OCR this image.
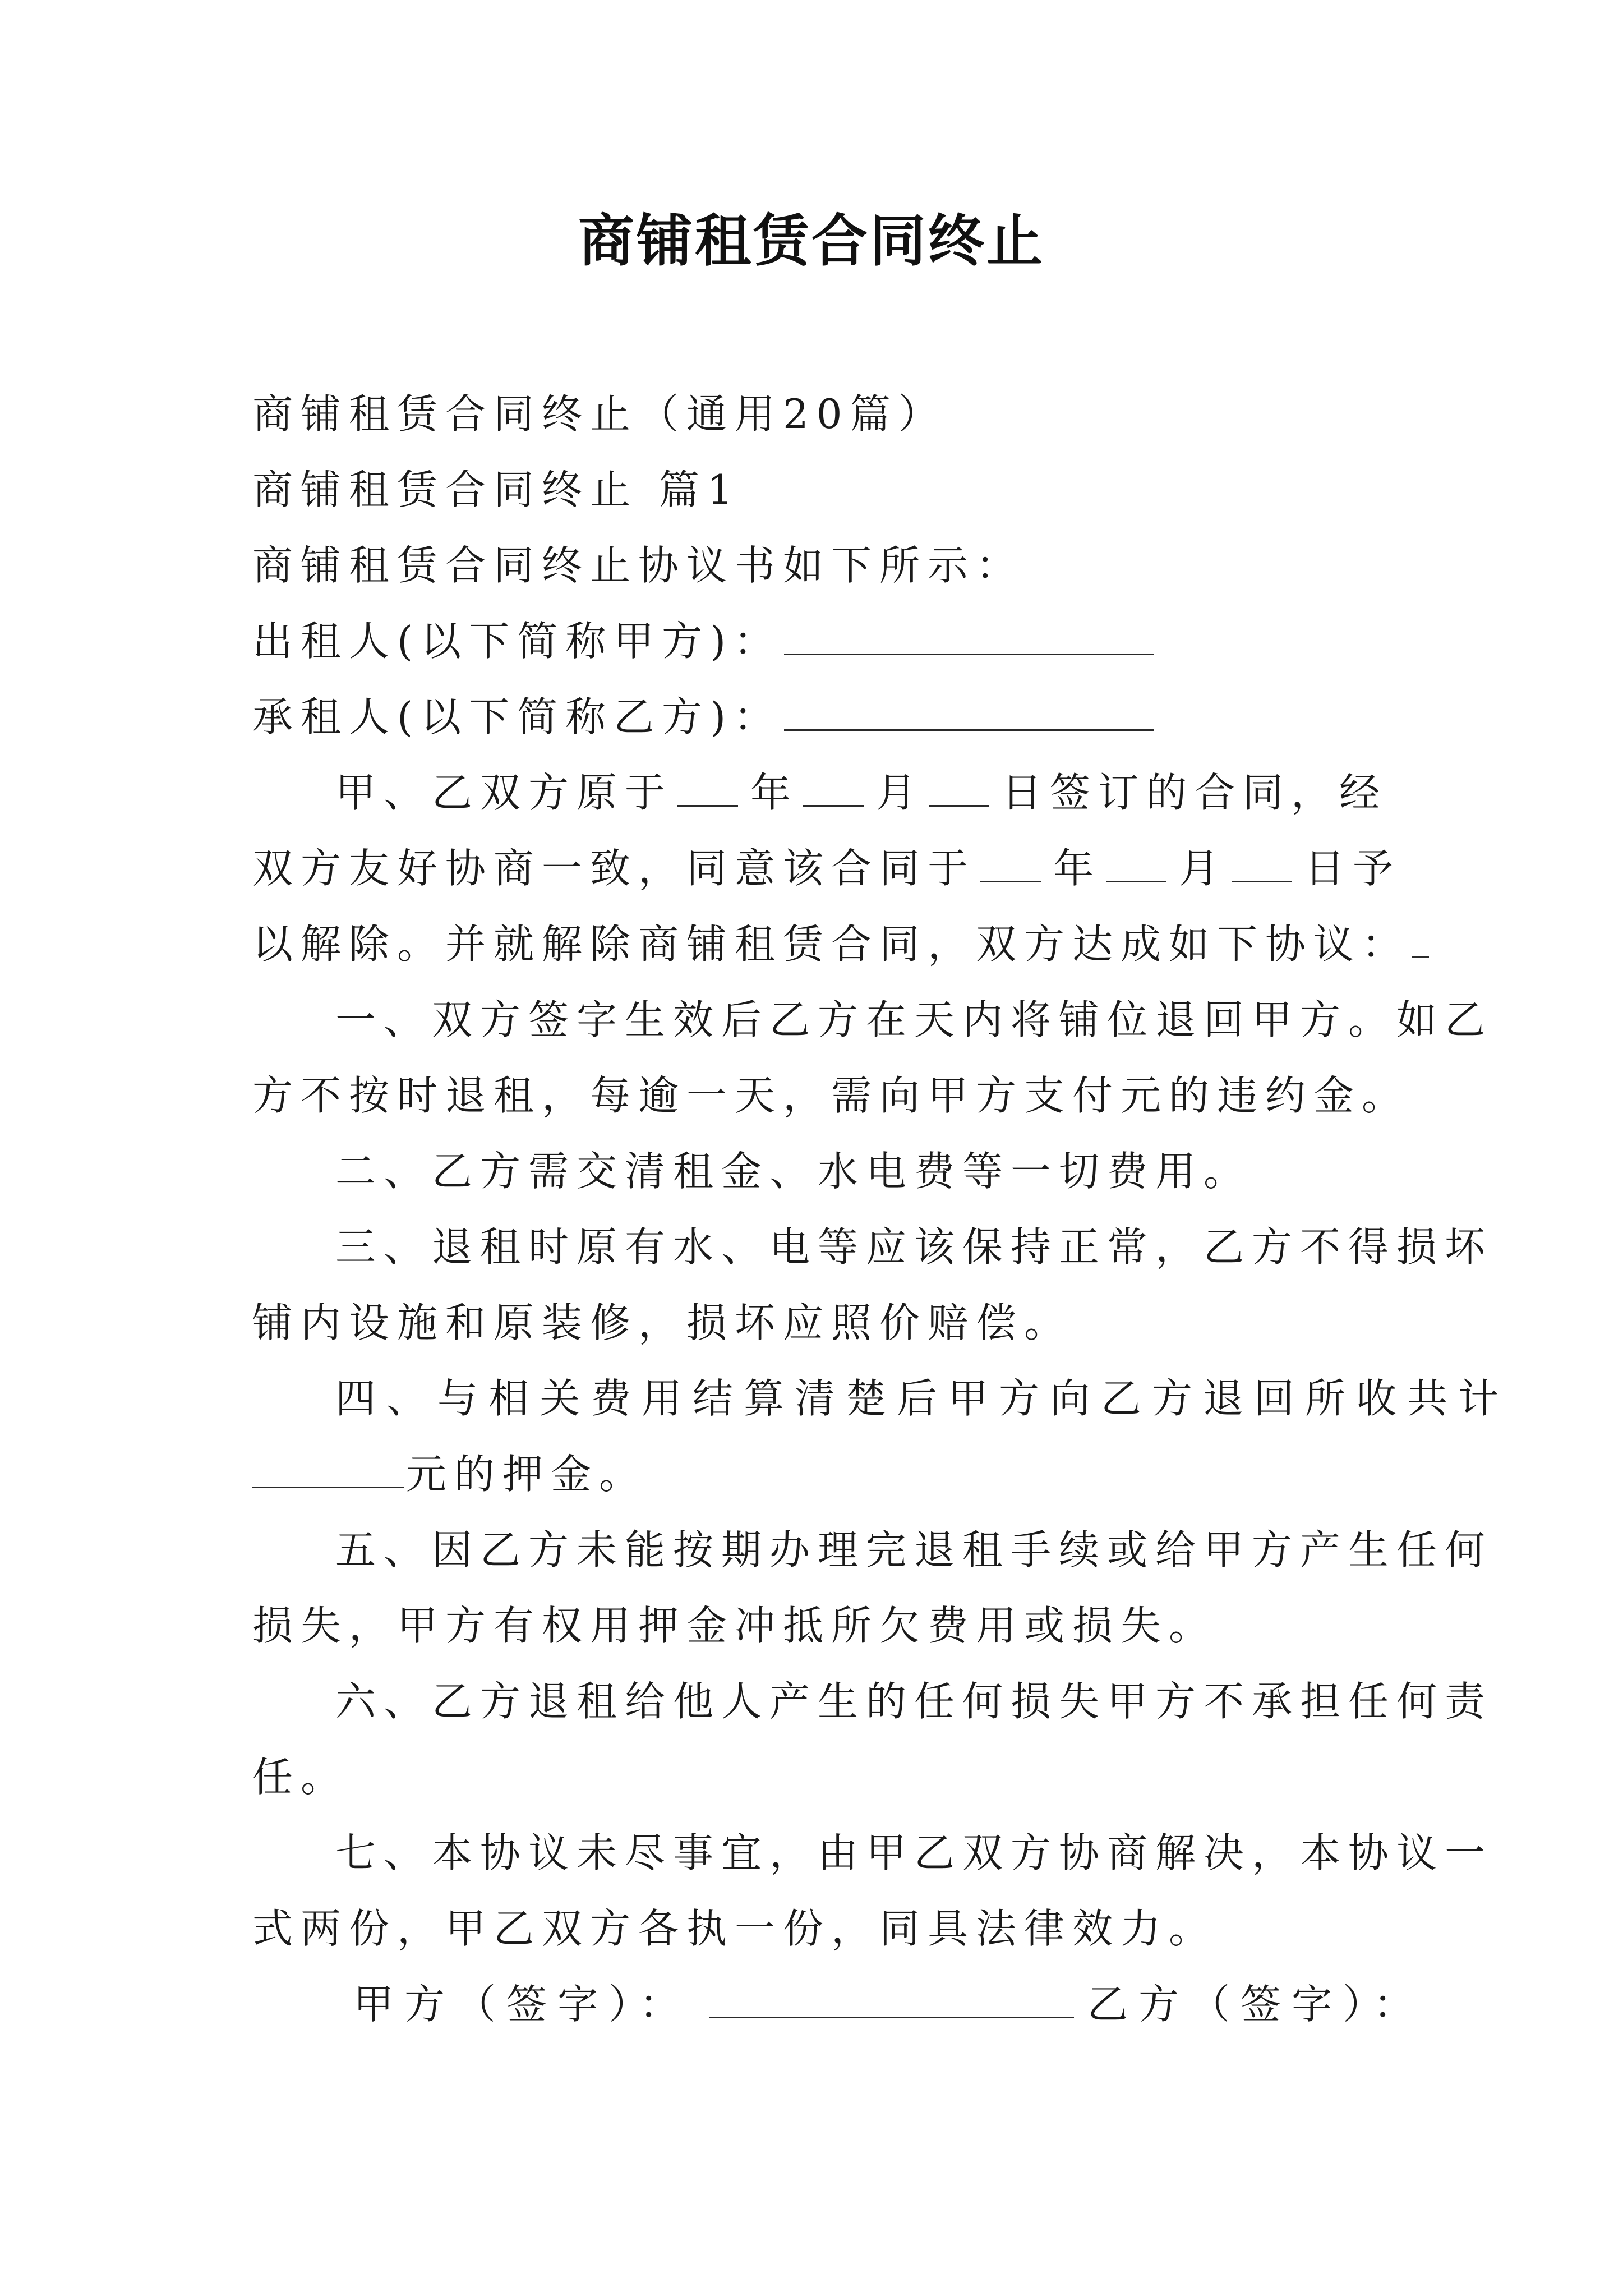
商铺租赁合同终止
商铺租赁合同终止（通用20篇）
商铺租赁合同终止 篇1
商铺租赁合同终止协议书如下所示：
出租人(以下简称甲方)：
承租人(以下简称乙方)：
甲、乙双方原于 年 月 日签订的合同，经
双方友好协商一致，同意该合同于 年 月 日予
以解除。并就解除商铺租赁合同，双方达成如下协议：
一、双方签字生效后乙方在天内将铺位退回甲方。如乙
方不按时退租，每逾一天，需向甲方支付元的违约金。
二、乙方需交清租金、水电费等一切费用。
三、退租时原有水、电等应该保持正常，乙方不得损坏
铺内设施和原装修，损坏应照价赔偿。
四、与相关费用结算清楚后甲方向乙方退回所收共计
元的押金。
五、因乙方未能按期办理完退租手续或给甲方产生任何
损失，甲方有权用押金冲抵所欠费用或损失。
六、乙方退租给他人产生的任何损失甲方不承担任何责
任。
七、本协议未尽事宜，由甲乙双方协商解决，本协议一
式两份，甲乙双方各执一份，同具法律效力。
甲方（签字）：	乙方（签字）：
